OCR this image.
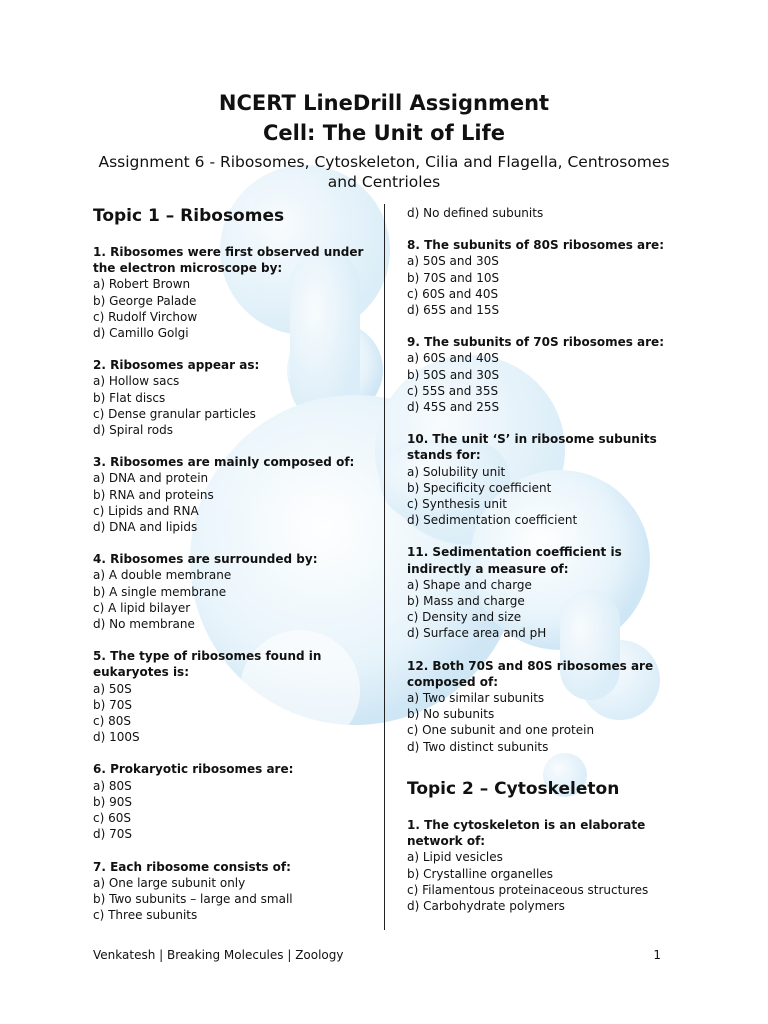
NCERT LineDrill Assignment
Cell: The Unit of Life
Assignment 6 - Ribosomes, Cytoskeleton, Cilia and Flagella, Centrosomes and Centrioles
Topic 1 – Ribosomes
1. Ribosomes were first observed under the electron microscope by:
a) Robert Brown
b) George Palade
c) Rudolf Virchow
d) Camillo Golgi
2. Ribosomes appear as:
a) Hollow sacs
b) Flat discs
c) Dense granular particles
d) Spiral rods
3. Ribosomes are mainly composed of:
a) DNA and protein
b) RNA and proteins
c) Lipids and RNA
d) DNA and lipids
4. Ribosomes are surrounded by:
a) A double membrane
b) A single membrane
c) A lipid bilayer
d) No membrane
5. The type of ribosomes found in eukaryotes is:
a) 50S
b) 70S
c) 80S
d) 100S
6. Prokaryotic ribosomes are:
a) 80S
b) 90S
c) 60S
d) 70S
7. Each ribosome consists of:
a) One large subunit only
b) Two subunits – large and small
c) Three subunits
d) No defined subunits
8. The subunits of 80S ribosomes are:
a) 50S and 30S
b) 70S and 10S
c) 60S and 40S
d) 65S and 15S
9. The subunits of 70S ribosomes are:
a) 60S and 40S
b) 50S and 30S
c) 55S and 35S
d) 45S and 25S
10. The unit ‘S’ in ribosome subunits stands for:
a) Solubility unit
b) Specificity coefficient
c) Synthesis unit
d) Sedimentation coefficient
11. Sedimentation coefficient is indirectly a measure of:
a) Shape and charge
b) Mass and charge
c) Density and size
d) Surface area and pH
12. Both 70S and 80S ribosomes are composed of:
a) Two similar subunits
b) No subunits
c) One subunit and one protein
d) Two distinct subunits
Topic 2 – Cytoskeleton
1. The cytoskeleton is an elaborate network of:
a) Lipid vesicles
b) Crystalline organelles
c) Filamentous proteinaceous structures
d) Carbohydrate polymers
Venkatesh | Breaking Molecules | Zoology	1
